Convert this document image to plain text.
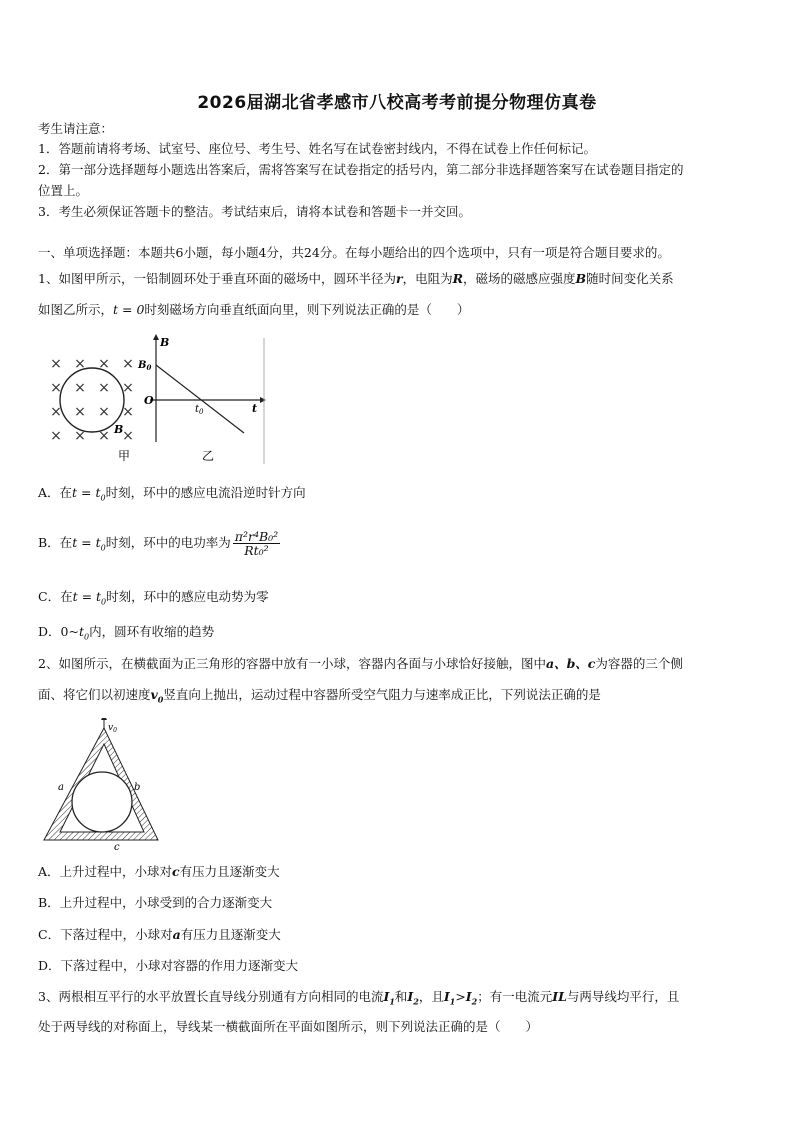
2026届湖北省孝感市八校高考考前提分物理仿真卷
考生请注意：
1．答题前请将考场、试室号、座位号、考生号、姓名写在试卷密封线内，不得在试卷上作任何标记。
2．第一部分选择题每小题选出答案后，需将答案写在试卷指定的括号内，第二部分非选择题答案写在试卷题目指定的
位置上。
3．考生必须保证答题卡的整洁。考试结束后，请将本试卷和答题卡一并交回。
一、单项选择题：本题共6小题，每小题4分，共24分。在每小题给出的四个选项中，只有一项是符合题目要求的。
1、如图甲所示，一铅制圆环处于垂直环面的磁场中，圆环半径为r，电阻为R，磁场的磁感应强度B随时间变化关系
如图乙所示，t = 0时刻磁场方向垂直纸面向里，则下列说法正确的是（　　）
× × × ×
× × × ×
× × × ×
× × × ×
B
B
$B_0$
O
$t_0$	t
甲	乙
A．在$t = t_0$时刻，环中的感应电流沿逆时针方向
B．在$t = t_0$时刻，环中的电功率为 $\frac{\text{π²r⁴B₀²}}{\text{Rt₀²}}$
C．在$t = t_0$时刻，环中的感应电动势为零
D．$0\sim t_0$内，圆环有收缩的趋势
2、如图所示，在横截面为正三角形的容器中放有一小球，容器内各面与小球恰好接触，图中a、b、c为容器的三个侧
面、将它们以初速度$v_0$竖直向上抛出，运动过程中容器所受空气阻力与速率成正比，下列说法正确的是
$v_0$
a	b
c
A．上升过程中，小球对c有压力且逐渐变大
B．上升过程中，小球受到的合力逐渐变大
C．下落过程中，小球对a有压力且逐渐变大
D．下落过程中，小球对容器的作用力逐渐变大
3、两根相互平行的水平放置长直导线分别通有方向相同的电流$I_1$和$I_2$，且$I_1>I_2$；有一电流元IL与两导线均平行，且
处于两导线的对称面上，导线某一横截面所在平面如图所示，则下列说法正确的是（　　）
